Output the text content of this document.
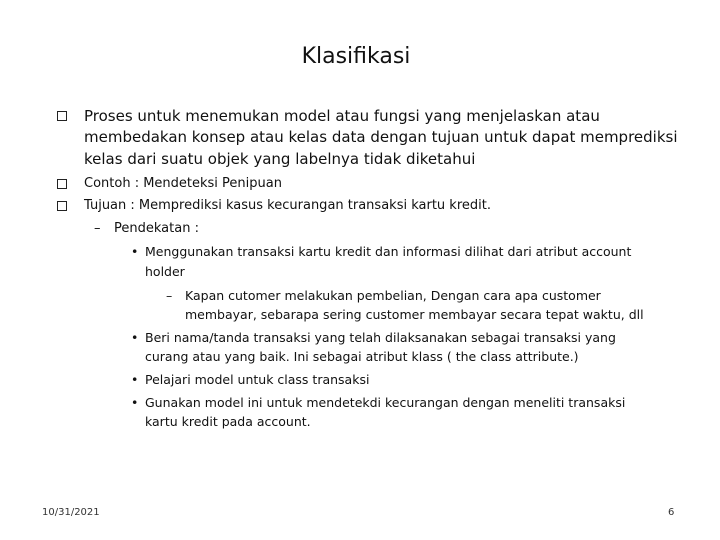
Klasifikasi
Proses untuk menemukan model atau fungsi yang menjelaskan atau
membedakan konsep atau kelas data dengan tujuan untuk dapat memprediksi
kelas dari suatu objek yang labelnya tidak diketahui
Contoh : Mendeteksi Penipuan
Tujuan : Memprediksi kasus kecurangan transaksi kartu kredit.
– Pendekatan :
• Menggunakan transaksi kartu kredit dan informasi dilihat dari atribut account
holder
– Kapan cutomer melakukan pembelian, Dengan cara apa customer
membayar, sebarapa sering customer membayar secara tepat waktu, dll
• Beri nama/tanda transaksi yang telah dilaksanakan sebagai transaksi yang
curang atau yang baik. Ini sebagai atribut klass ( the class attribute.)
• Pelajari model untuk class transaksi
• Gunakan model ini untuk mendetekdi kecurangan dengan meneliti transaksi
kartu kredit pada account.
10/31/2021	6
